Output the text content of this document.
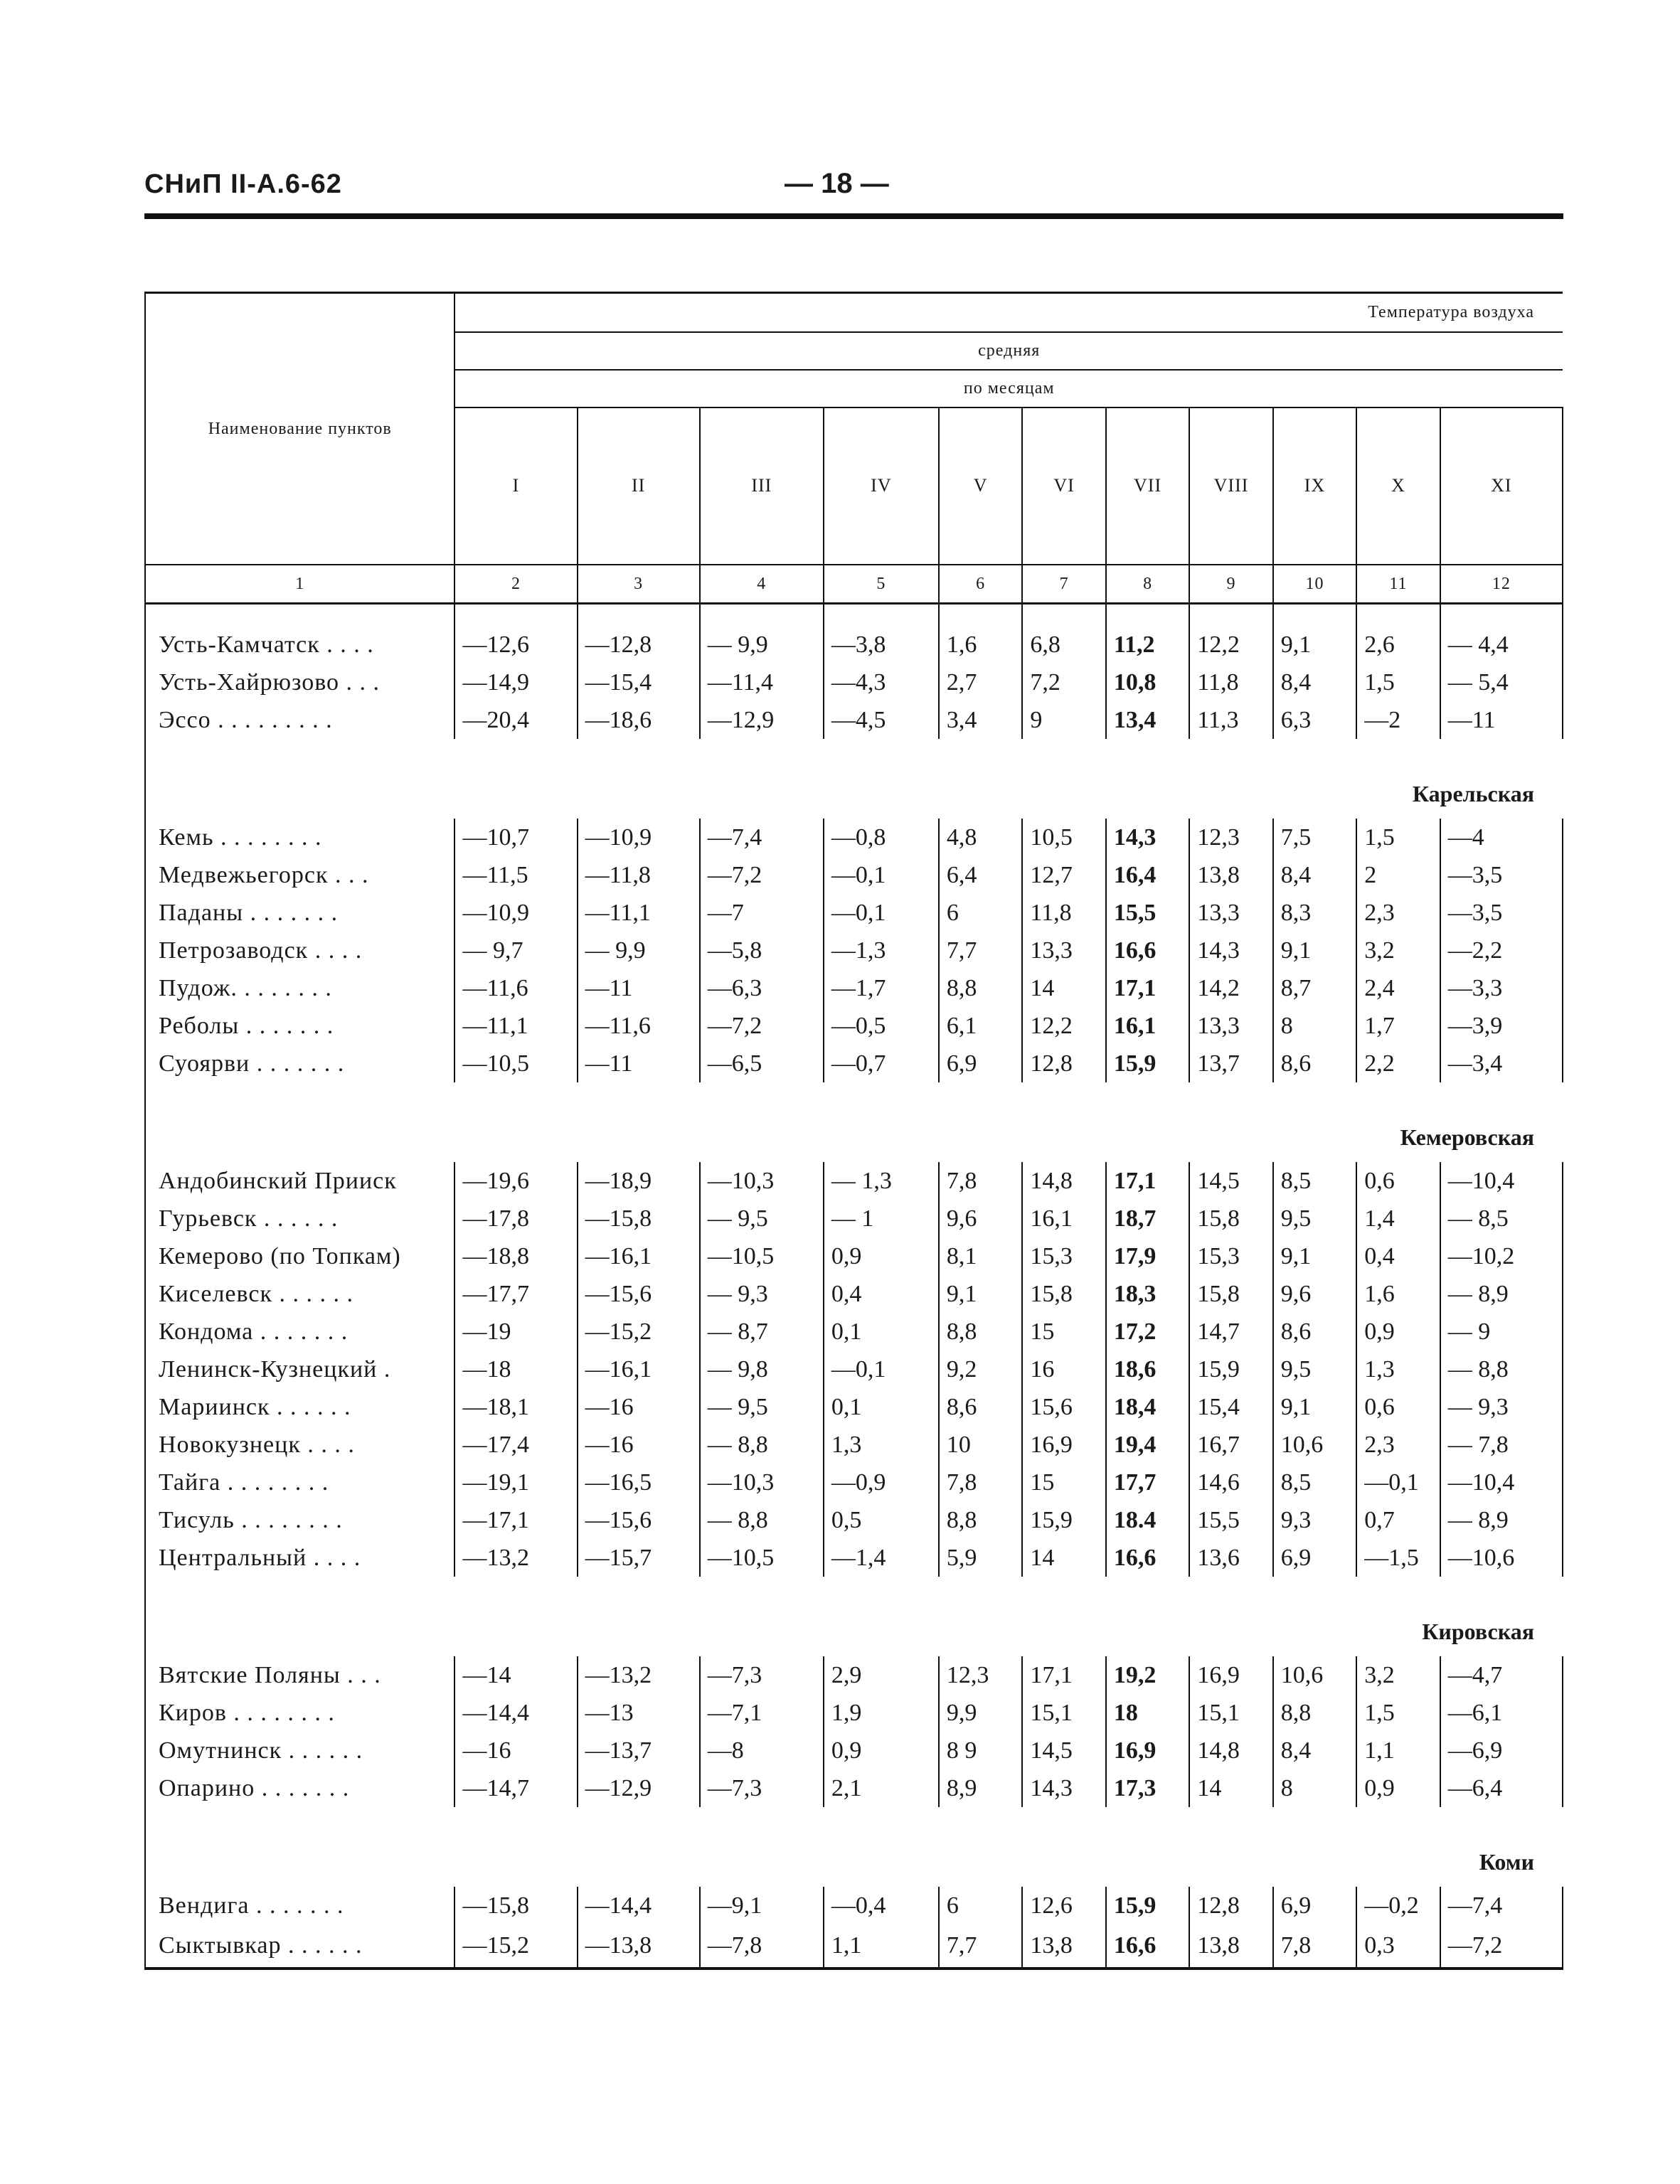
СНиП II-А.6-62	— 18 —
Наименование пунктов	Температура воздуха										
	средняя										
	по месяцам										
	I	II	III	IV	V	VI	VII	VIII	IX	X	XI
1	2	3	4	5	6	7	8	9	10	11	12

Усть-Камчатск . . . .	—12,6	—12,8	— 9,9	—3,8	1,6	6,8	11,2	12,2	9,1	2,6	— 4,4
Усть-Хайрюзово . . .	—14,9	—15,4	—11,4	—4,3	2,7	7,2	10,8	11,8	8,4	1,5	— 5,4
Эссо . . . . . . . . .	—20,4	—18,6	—12,9	—4,5	3,4	9	13,4	11,3	6,3	—2	—11
	Карельская										
Кемь . . . . . . . .	—10,7	—10,9	—7,4	—0,8	4,8	10,5	14,3	12,3	7,5	1,5	—4
Медвежьегорск . . .	—11,5	—11,8	—7,2	—0,1	6,4	12,7	16,4	13,8	8,4	2	—3,5
Паданы . . . . . . .	—10,9	—11,1	—7	—0,1	6	11,8	15,5	13,3	8,3	2,3	—3,5
Петрозаводск . . . .	— 9,7	— 9,9	—5,8	—1,3	7,7	13,3	16,6	14,3	9,1	3,2	—2,2
Пудож. . . . . . . .	—11,6	—11	—6,3	—1,7	8,8	14	17,1	14,2	8,7	2,4	—3,3
Реболы . . . . . . .	—11,1	—11,6	—7,2	—0,5	6,1	12,2	16,1	13,3	8	1,7	—3,9
Суоярви . . . . . . .	—10,5	—11	—6,5	—0,7	6,9	12,8	15,9	13,7	8,6	2,2	—3,4
	Кемеровская										
Андобинский Прииск	—19,6	—18,9	—10,3	— 1,3	7,8	14,8	17,1	14,5	8,5	0,6	—10,4
Гурьевск . . . . . .	—17,8	—15,8	— 9,5	— 1	9,6	16,1	18,7	15,8	9,5	1,4	— 8,5
Кемерово (по Топкам)	—18,8	—16,1	—10,5	0,9	8,1	15,3	17,9	15,3	9,1	0,4	—10,2
Киселевск . . . . . .	—17,7	—15,6	— 9,3	0,4	9,1	15,8	18,3	15,8	9,6	1,6	— 8,9
Кондома . . . . . . .	—19	—15,2	— 8,7	0,1	8,8	15	17,2	14,7	8,6	0,9	— 9
Ленинск-Кузнецкий .	—18	—16,1	— 9,8	—0,1	9,2	16	18,6	15,9	9,5	1,3	— 8,8
Мариинск . . . . . .	—18,1	—16	— 9,5	0,1	8,6	15,6	18,4	15,4	9,1	0,6	— 9,3
Новокузнецк . . . .	—17,4	—16	— 8,8	1,3	10	16,9	19,4	16,7	10,6	2,3	— 7,8
Тайга . . . . . . . .	—19,1	—16,5	—10,3	—0,9	7,8	15	17,7	14,6	8,5	—0,1	—10,4
Тисуль . . . . . . . .	—17,1	—15,6	— 8,8	0,5	8,8	15,9	18.4	15,5	9,3	0,7	— 8,9
Центральный . . . .	—13,2	—15,7	—10,5	—1,4	5,9	14	16,6	13,6	6,9	—1,5	—10,6
	Кировская										
Вятские Поляны . . .	—14	—13,2	—7,3	2,9	12,3	17,1	19,2	16,9	10,6	3,2	—4,7
Киров . . . . . . . .	—14,4	—13	—7,1	1,9	9,9	15,1	18	15,1	8,8	1,5	—6,1
Омутнинск . . . . . .	—16	—13,7	—8	0,9	8 9	14,5	16,9	14,8	8,4	1,1	—6,9
Опарино . . . . . . .	—14,7	—12,9	—7,3	2,1	8,9	14,3	17,3	14	8	0,9	—6,4
	Коми										
Вендига . . . . . . .	—15,8	—14,4	—9,1	—0,4	6	12,6	15,9	12,8	6,9	—0,2	—7,4
Сыктывкар . . . . . .	—15,2	—13,8	—7,8	1,1	7,7	13,8	16,6	13,8	7,8	0,3	—7,2
